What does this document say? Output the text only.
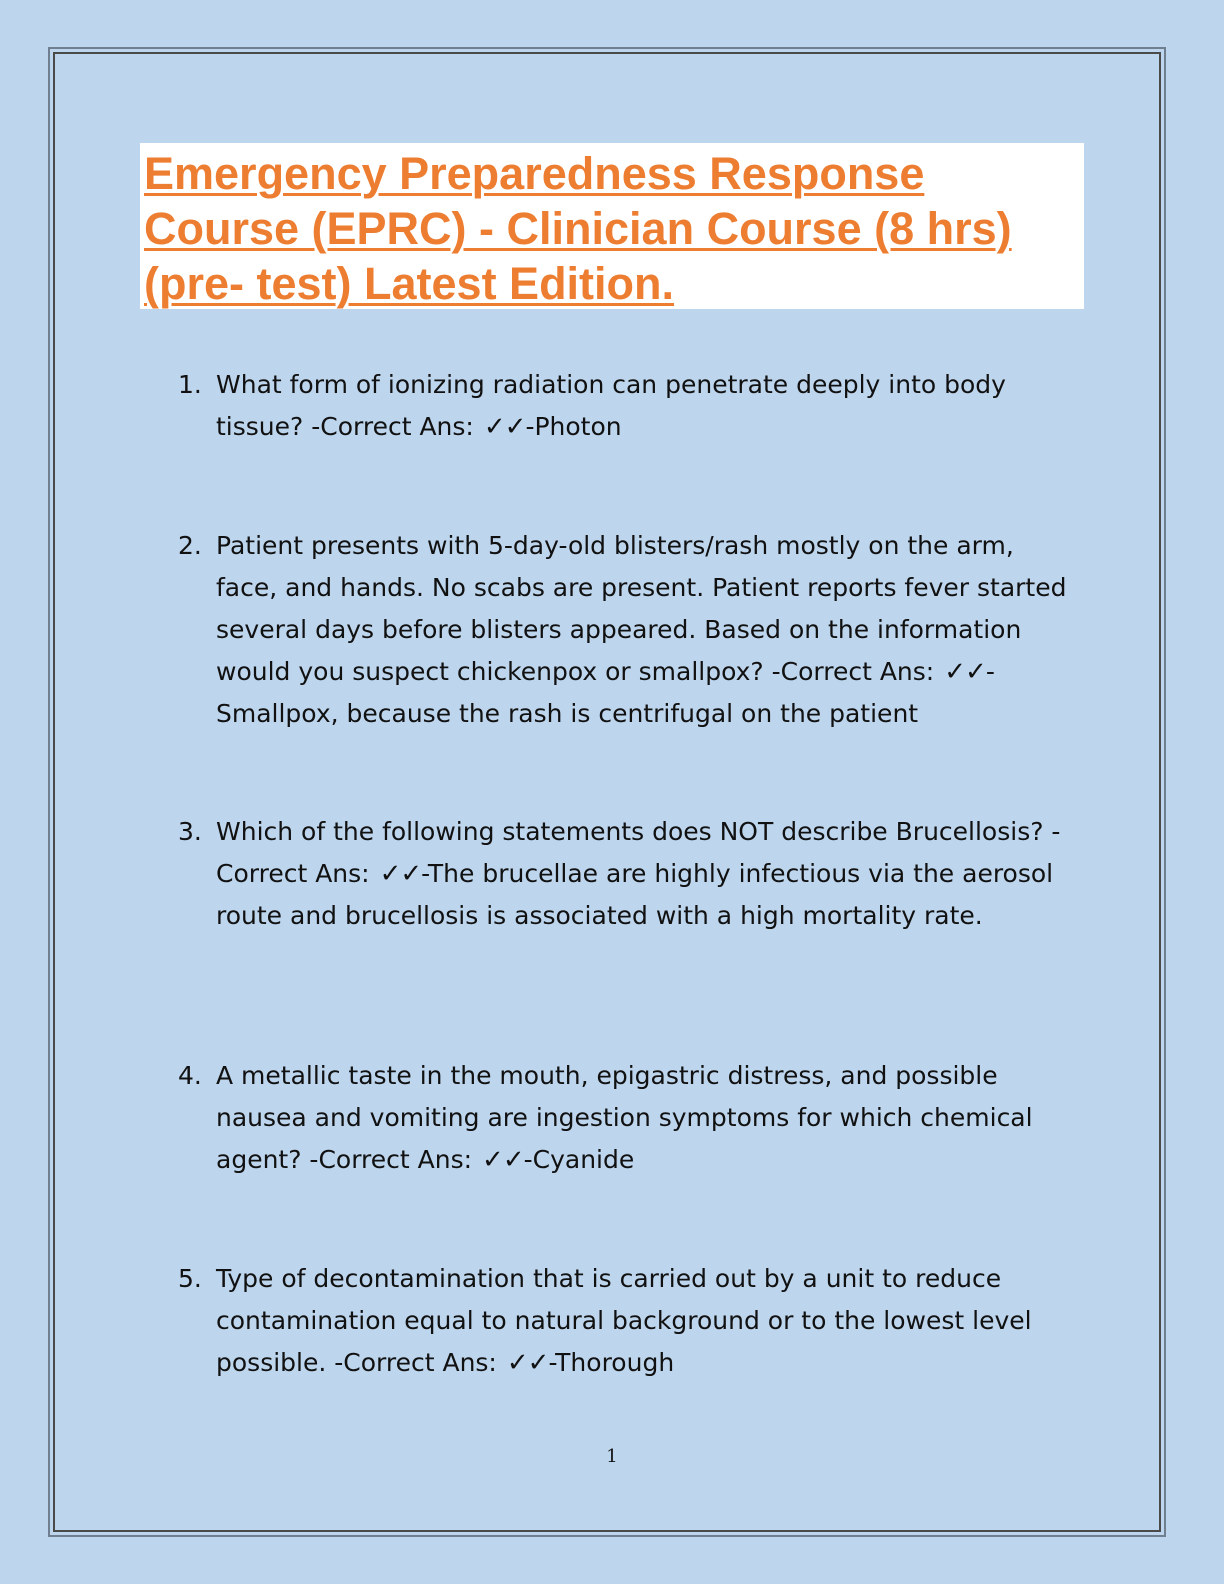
Emergency Preparedness Response Course (EPRC) - Clinician Course (8 hrs) (pre- test) Latest Edition.
1. What form of ionizing radiation can penetrate deeply into body tissue? -Correct Ans: ✓✓-Photon
2. Patient presents with 5-day-old blisters/rash mostly on the arm, face, and hands. No scabs are present. Patient reports fever started several days before blisters appeared. Based on the information would you suspect chickenpox or smallpox? -Correct Ans: ✓✓-Smallpox, because the rash is centrifugal on the patient
3. Which of the following statements does NOT describe Brucellosis? -Correct Ans: ✓✓-The brucellae are highly infectious via the aerosol route and brucellosis is associated with a high mortality rate.
4. A metallic taste in the mouth, epigastric distress, and possible nausea and vomiting are ingestion symptoms for which chemical agent? -Correct Ans: ✓✓-Cyanide
5. Type of decontamination that is carried out by a unit to reduce contamination equal to natural background or to the lowest level possible. -Correct Ans: ✓✓-Thorough
1
